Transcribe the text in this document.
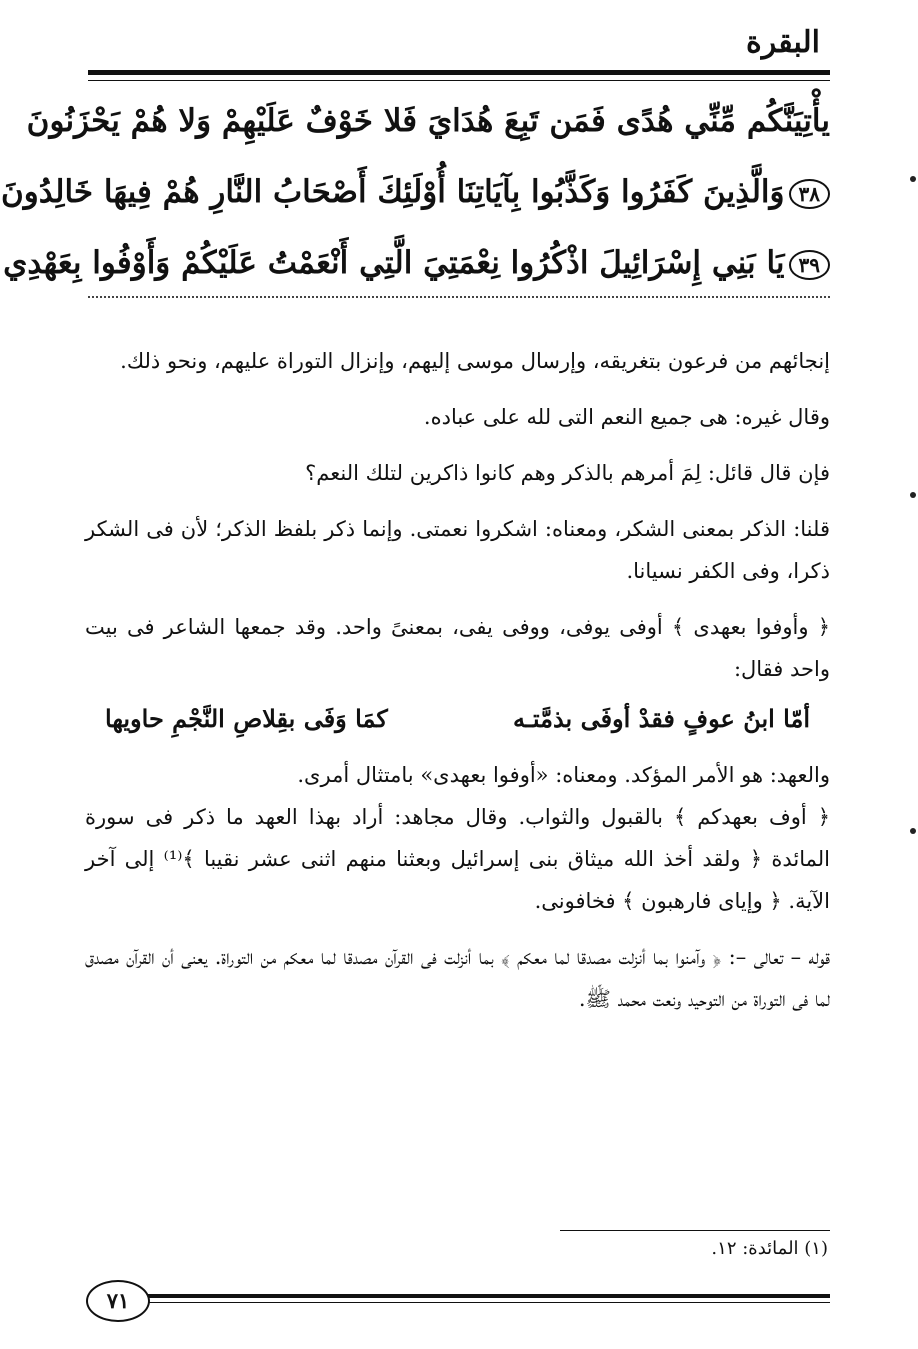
البقرة
يأْتِيَنَّكُم مِّنِّي هُدًى فَمَن تَبِعَ هُدَايَ فَلا خَوْفٌ عَلَيْهِمْ وَلا هُمْ يَحْزَنُونَ
٣٨وَالَّذِينَ كَفَرُوا وَكَذَّبُوا بِآيَاتِنَا أُوْلَئِكَ أَصْحَابُ النَّارِ هُمْ فِيهَا خَالِدُونَ
٣٩يَا بَنِي إِسْرَائِيلَ اذْكُرُوا نِعْمَتِيَ الَّتِي أَنْعَمْتُ عَلَيْكُمْ وَأَوْفُوا بِعَهْدِي

إنجائهم من فرعون بتغريقه، وإرسال موسى إليهم، وإنزال التوراة عليهم، ونحو ذلك.

وقال غيره: هى جميع النعم التى لله على عباده.

فإن قال قائل: لِمَ أمرهم بالذكر وهم كانوا ذاكرين لتلك النعم؟

قلنا: الذكر بمعنى الشكر، ومعناه: اشكروا نعمتى. وإنما ذكر بلفظ الذكر؛ لأن فى الشكر ذكرا، وفى الكفر نسيانا.

﴿ وأوفوا بعهدى ﴾ أوفى يوفى، ووفى يفى، بمعنىً واحد. وقد جمعها الشاعر فى بيت واحد فقال:

أمّا ابنُ عوفٍ فقدْ أوفَى بذمَّتـه
كمَا وَفَى بقِلاصِ النَّجْمِ حاويها

والعهد: هو الأمر المؤكد. ومعناه: «أوفوا بعهدى» بامتثال أمرى.

﴿ أوف بعهدكم ﴾ بالقبول والثواب. وقال مجاهد: أراد بهذا العهد ما ذكر فى سورة المائدة ﴿ ولقد أخذ الله ميثاق بنى إسرائيل وبعثنا منهم اثنى عشر نقيبا ﴾⁽¹⁾ إلى آخر الآية. ﴿ وإياى فارهبون ﴾ فخافونى.

قوله – تعالى –: ﴿ وآمنوا بما أنزلت مصدقا لما معكم ﴾ بما أنزلت فى القرآن مصدقا لما معكم من التوراة. يعنى أن القرآن مصدق لما فى التوراة من التوحيد ونعت محمد ﷺ.

(١) المائدة: ١٢.
٧١
